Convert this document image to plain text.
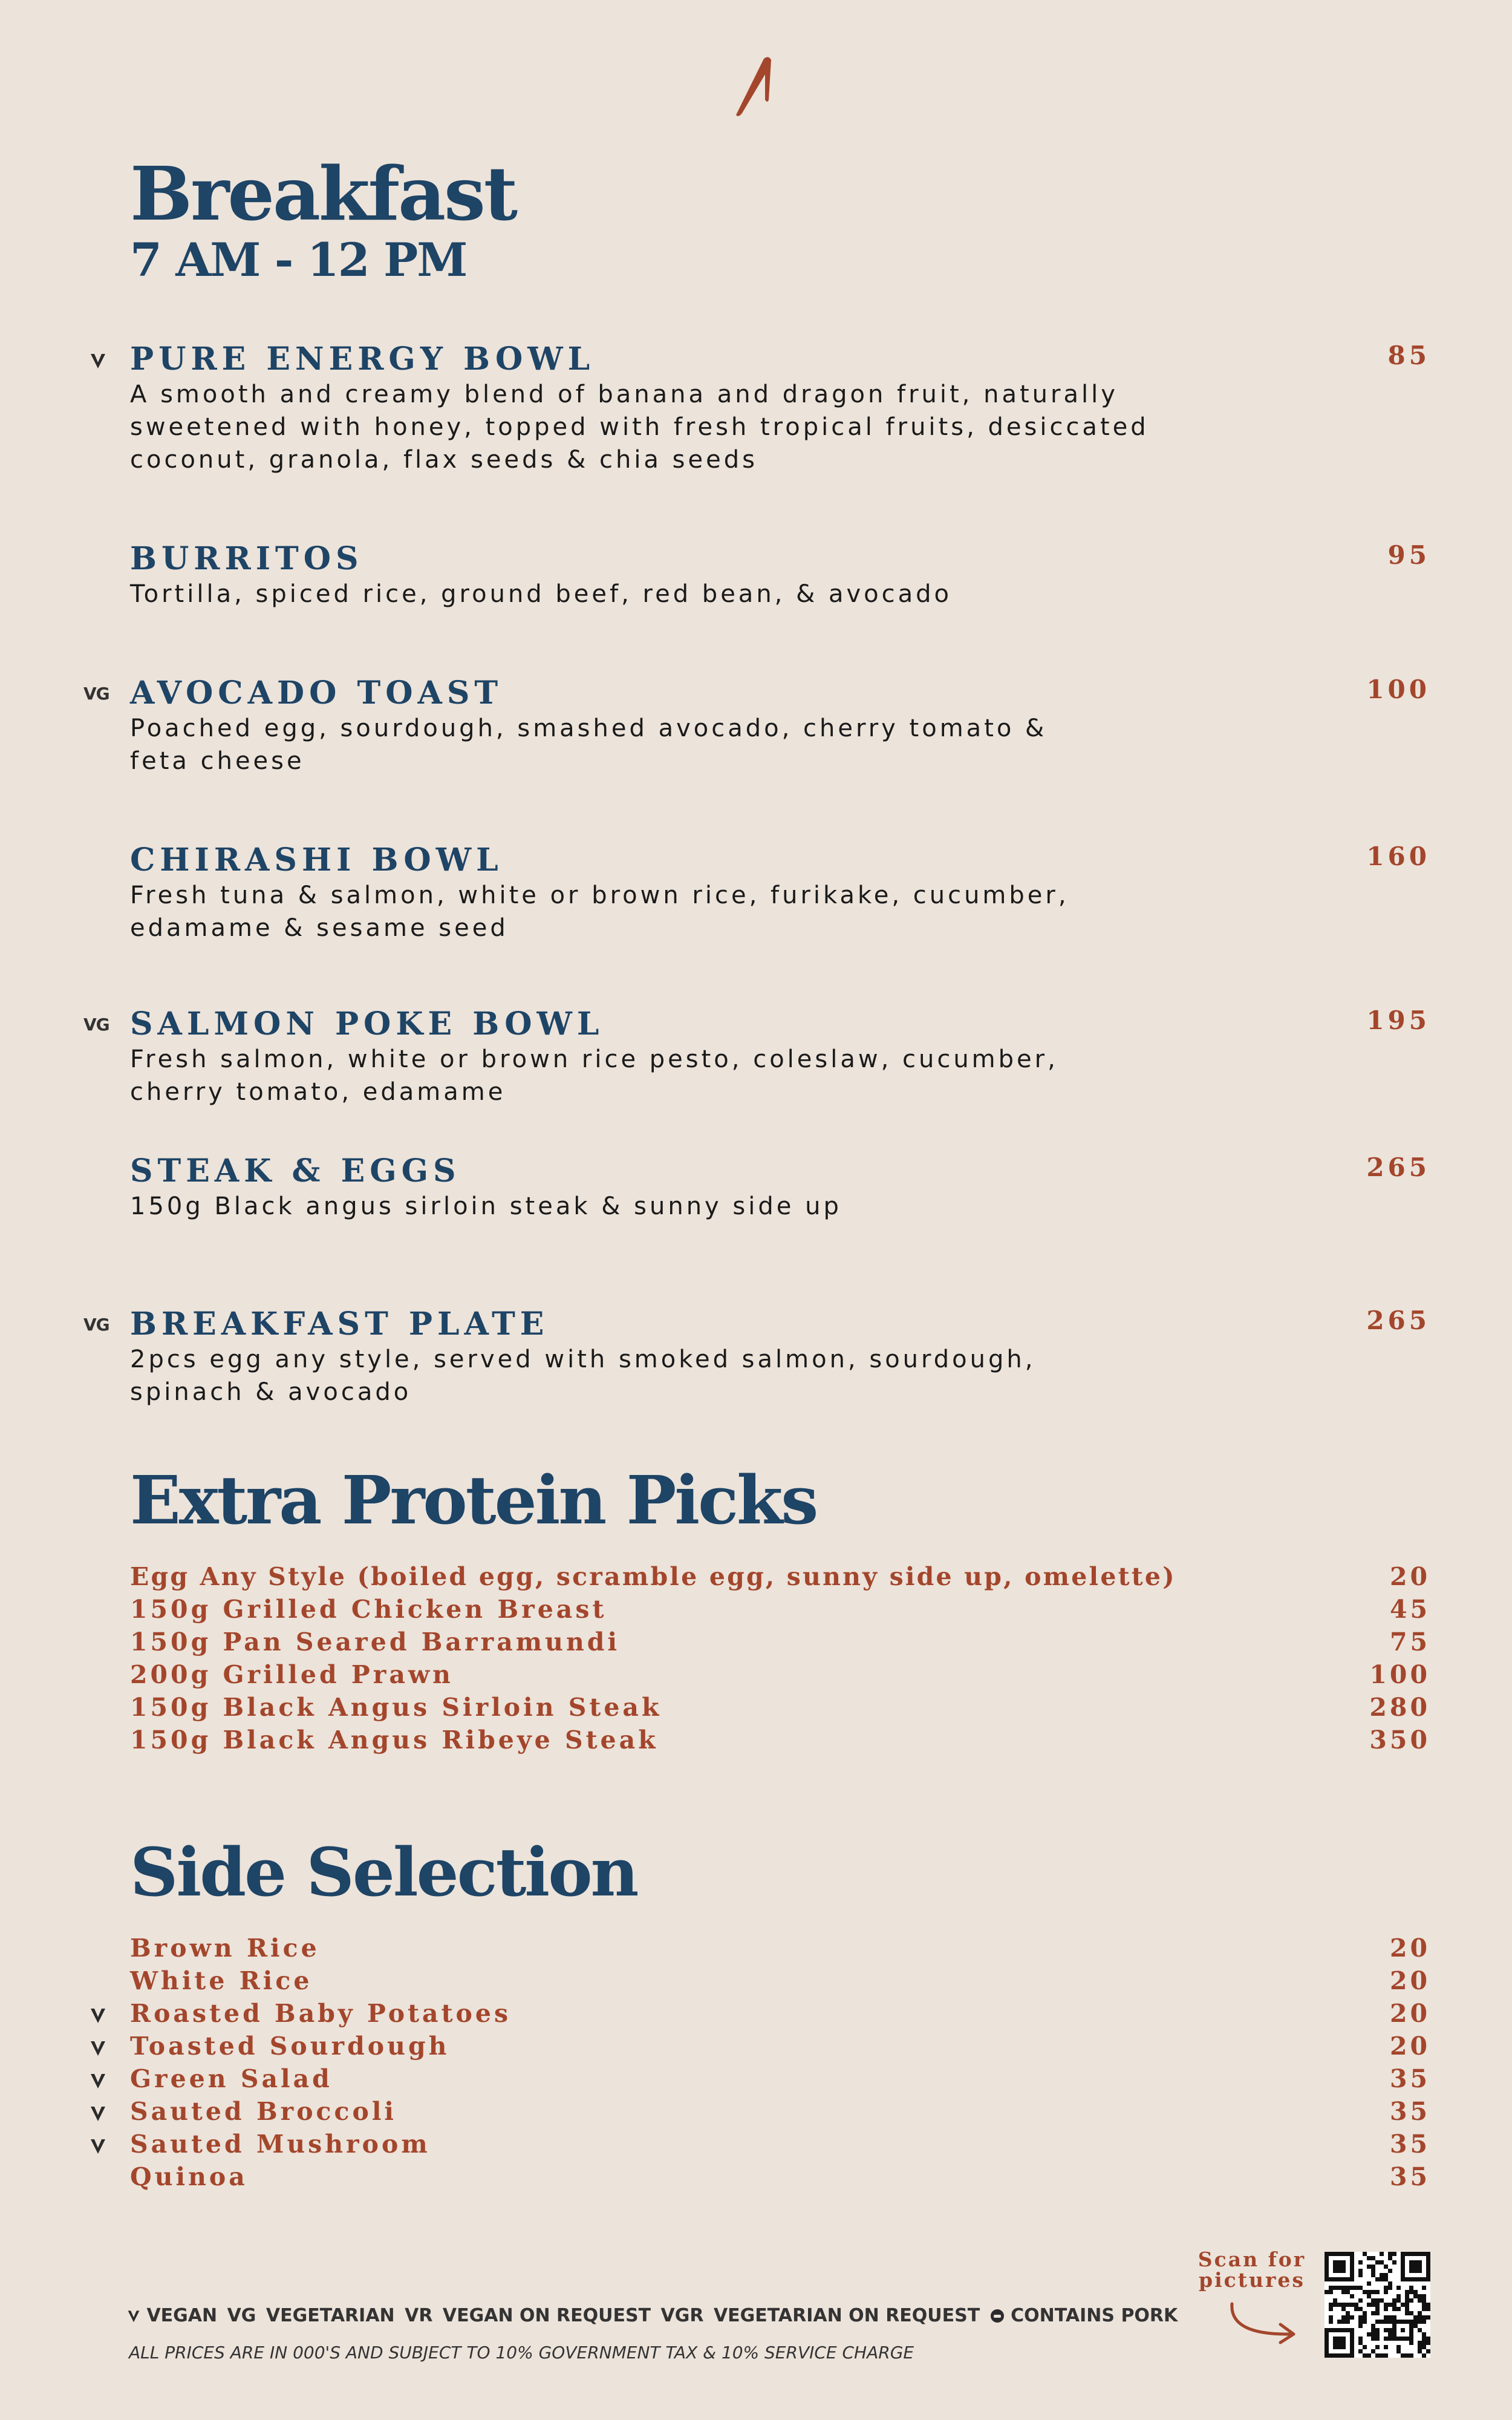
Breakfast
7 AM - 12 PM
PURE ENERGY BOWL	85
A smooth and creamy blend of banana and dragon fruit, naturally sweetened with honey, topped with fresh tropical fruits, desiccated coconut, granola, flax seeds & chia seeds
BURRITOS	95
Tortilla, spiced rice, ground beef, red bean, & avocado
VG AVOCADO TOAST	100
Poached egg, sourdough, smashed avocado, cherry tomato & feta cheese
CHIRASHI BOWL	160
Fresh tuna & salmon, white or brown rice, furikake, cucumber, edamame & sesame seed
VG SALMON POKE BOWL	195
Fresh salmon, white or brown rice pesto, coleslaw, cucumber, cherry tomato, edamame
STEAK & EGGS	265
150g Black angus sirloin steak & sunny side up
VG BREAKFAST PLATE	265
2pcs egg any style, served with smoked salmon, sourdough, spinach & avocado
Extra Protein Picks
Egg Any Style (boiled egg, scramble egg, sunny side up, omelette)	20
150g Grilled Chicken Breast	45
150g Pan Seared Barramundi	75
200g Grilled Prawn	100
150g Black Angus Sirloin Steak	280
150g Black Angus Ribeye Steak	350
Side Selection
Brown Rice	20
White Rice	20
Roasted Baby Potatoes	20
Toasted Sourdough	20
Green Salad	35
Sauted Broccoli	35
Sauted Mushroom	35
Quinoa	35
VEGAN VG VEGETARIAN VR VEGAN ON REQUEST VGR VEGETARIAN ON REQUEST CONTAINS PORK
ALL PRICES ARE IN 000'S AND SUBJECT TO 10% GOVERNMENT TAX & 10% SERVICE CHARGE
Scan for pictures
